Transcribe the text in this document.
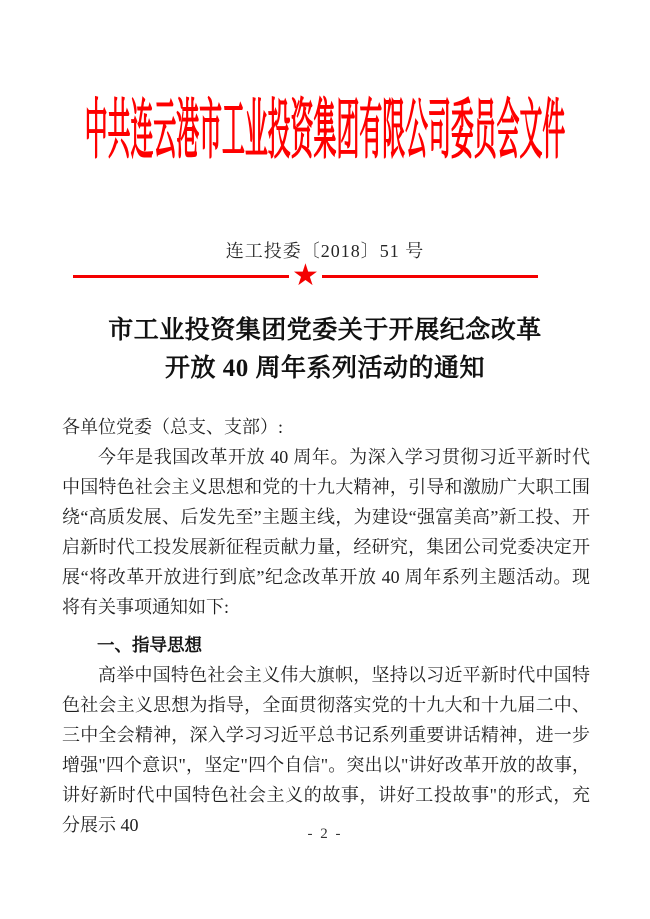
中共连云港市工业投资集团有限公司委员会文件
连工投委〔2018〕51 号
★
市工业投资集团党委关于开展纪念改革
开放 40 周年系列活动的通知

各单位党委（总支、支部）:

今年是我国改革开放 40 周年。为深入学习贯彻习近平新时代中国特色社会主义思想和党的十九大精神，引导和激励广大职工围绕“高质发展、后发先至”主题主线，为建设“强富美高”新工投、开启新时代工投发展新征程贡献力量，经研究，集团公司党委决定开展“将改革开放进行到底”纪念改革开放 40 周年系列主题活动。现将有关事项通知如下:

一、指导思想

高举中国特色社会主义伟大旗帜，坚持以习近平新时代中国特色社会主义思想为指导，全面贯彻落实党的十九大和十九届二中、三中全会精神，深入学习习近平总书记系列重要讲话精神，进一步增强"四个意识"，坚定"四个自信"。突出以"讲好改革开放的故事，讲好新时代中国特色社会主义的故事，讲好工投故事"的形式，充分展示 40	- 2 -
